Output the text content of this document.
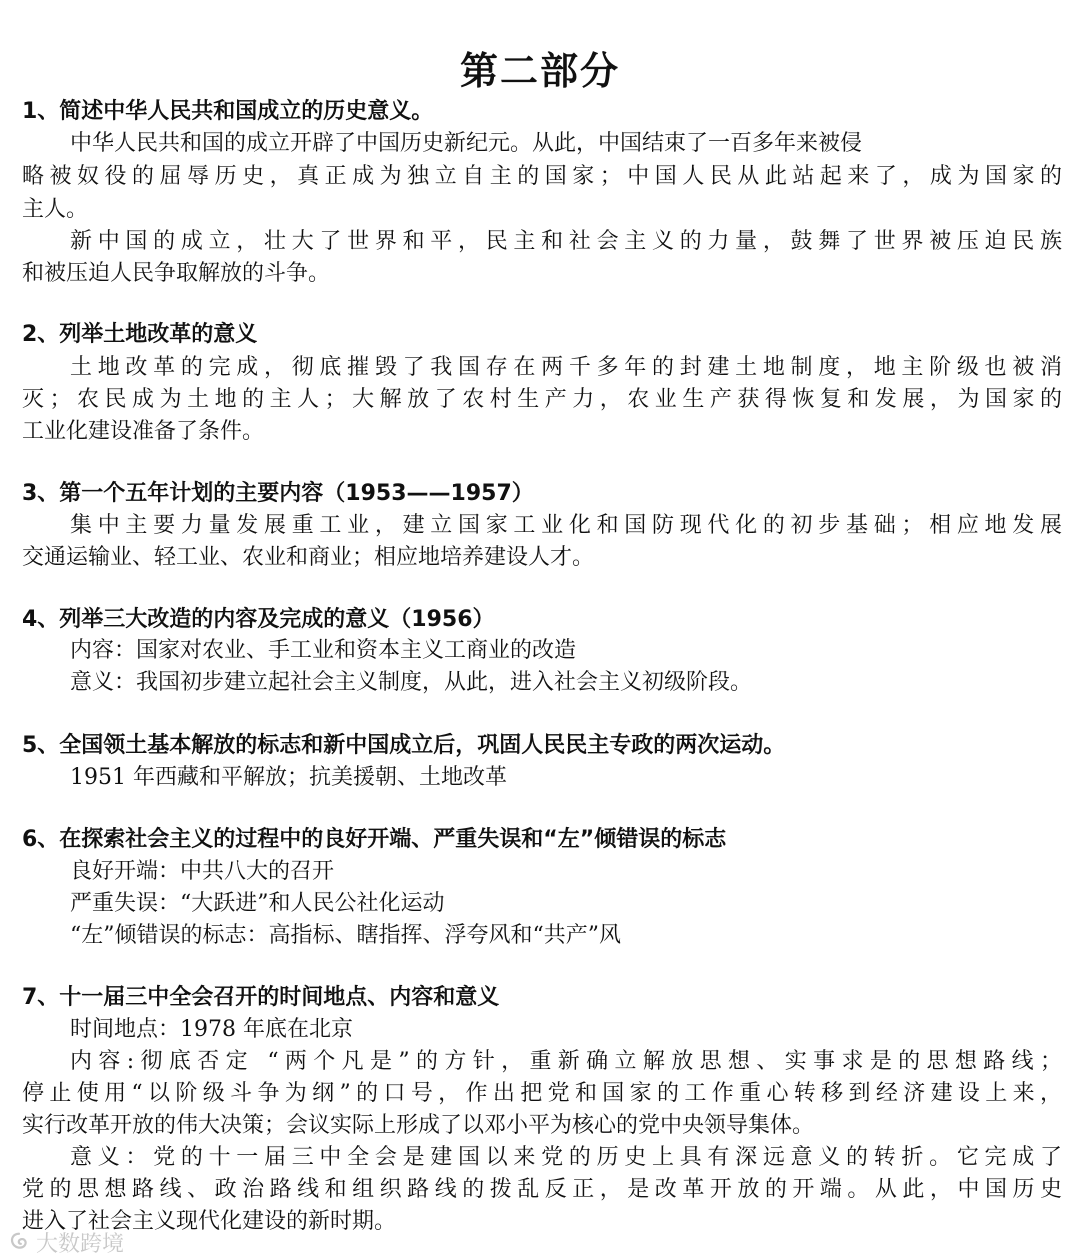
第二部分
1、简述中华人民共和国成立的历史意义。
中华人民共和国的成立开辟了中国历史新纪元。从此，中国结束了一百多年来被侵
略被奴役的屈辱历史，真正成为独立自主的国家；中国人民从此站起来了，成为国家的
主人。
新中国的成立，壮大了世界和平，民主和社会主义的力量，鼓舞了世界被压迫民族
和被压迫人民争取解放的斗争。
2、列举土地改革的意义
土地改革的完成，彻底摧毁了我国存在两千多年的封建土地制度，地主阶级也被消
灭；农民成为土地的主人；大解放了农村生产力，农业生产获得恢复和发展，为国家的
工业化建设准备了条件。
3、第一个五年计划的主要内容（1953——1957）
集中主要力量发展重工业，建立国家工业化和国防现代化的初步基础；相应地发展
交通运输业、轻工业、农业和商业；相应地培养建设人才。
4、列举三大改造的内容及完成的意义（1956）
内容：国家对农业、手工业和资本主义工商业的改造
意义：我国初步建立起社会主义制度，从此，进入社会主义初级阶段。
5、全国领土基本解放的标志和新中国成立后，巩固人民民主专政的两次运动。
1951 年西藏和平解放；抗美援朝、土地改革
6、在探索社会主义的过程中的良好开端、严重失误和“左”倾错误的标志
良好开端：中共八大的召开
严重失误：“大跃进”和人民公社化运动
“左”倾错误的标志：高指标、瞎指挥、浮夸风和“共产”风
7、十一届三中全会召开的时间地点、内容和意义
时间地点：1978 年底在北京
内容:彻底否定 “两个凡是”的方针，重新确立解放思想、实事求是的思想路线；
停止使用“以阶级斗争为纲”的口号，作出把党和国家的工作重心转移到经济建设上来，
实行改革开放的伟大决策；会议实际上形成了以邓小平为核心的党中央领导集体。
意义：党的十一届三中全会是建国以来党的历史上具有深远意义的转折。它完成了
党的思想路线、政治路线和组织路线的拨乱反正，是改革开放的开端。从此，中国历史
进入了社会主义现代化建设的新时期。
大数跨境
